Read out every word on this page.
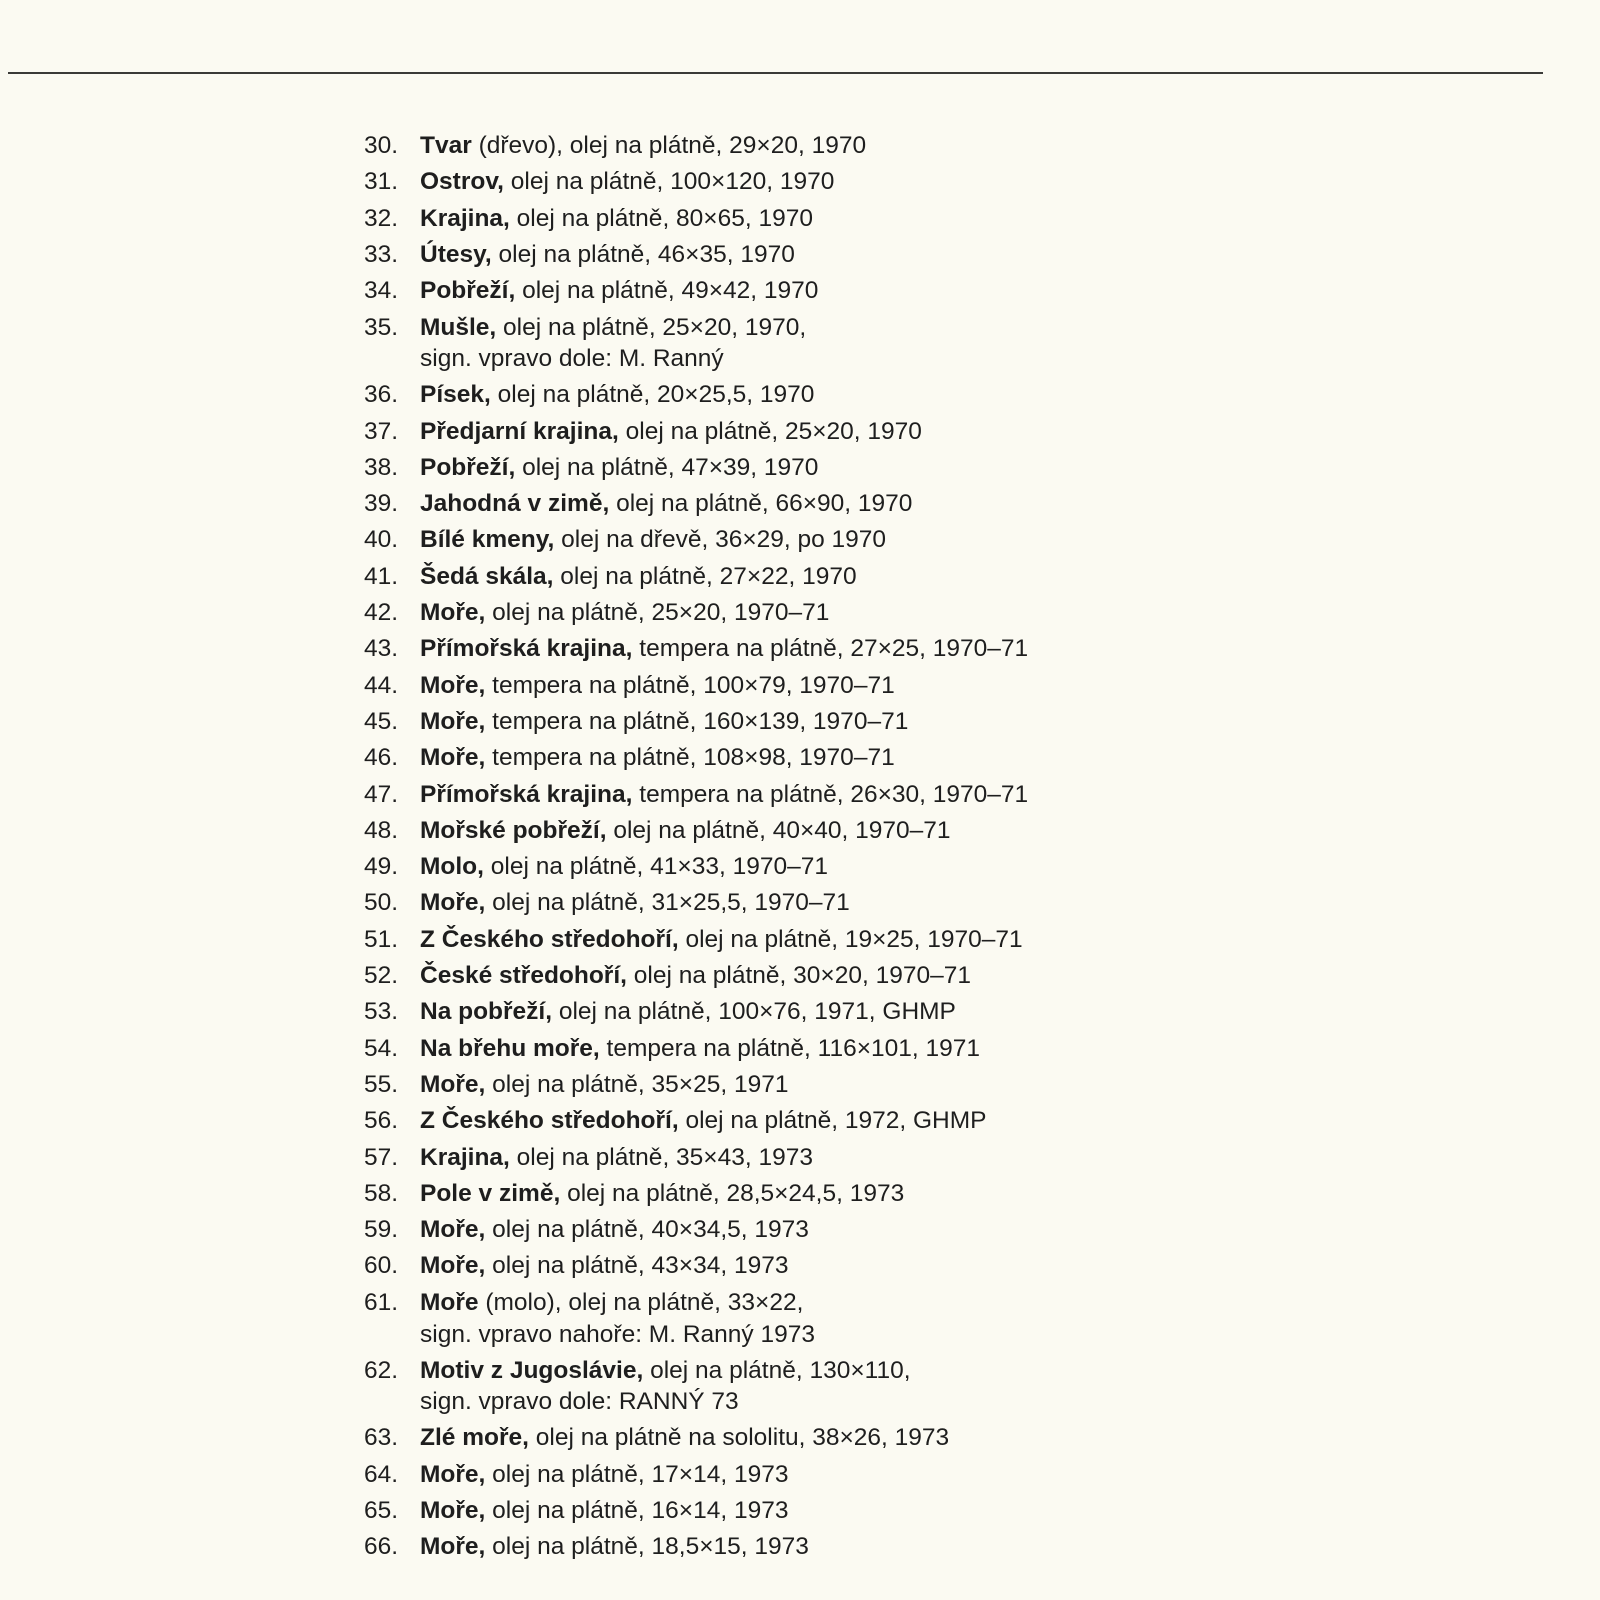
30. Tvar (dřevo), olej na plátně, 29×20, 1970
31. Ostrov, olej na plátně, 100×120, 1970
32. Krajina, olej na plátně, 80×65, 1970
33. Útesy, olej na plátně, 46×35, 1970
34. Pobřeží, olej na plátně, 49×42, 1970
35. Mušle, olej na plátně, 25×20, 1970,
sign. vpravo dole: M. Ranný
36. Písek, olej na plátně, 20×25,5, 1970
37. Předjarní krajina, olej na plátně, 25×20, 1970
38. Pobřeží, olej na plátně, 47×39, 1970
39. Jahodná v zimě, olej na plátně, 66×90, 1970
40. Bílé kmeny, olej na dřevě, 36×29, po 1970
41. Šedá skála, olej na plátně, 27×22, 1970
42. Moře, olej na plátně, 25×20, 1970–71
43. Přímořská krajina, tempera na plátně, 27×25, 1970–71
44. Moře, tempera na plátně, 100×79, 1970–71
45. Moře, tempera na plátně, 160×139, 1970–71
46. Moře, tempera na plátně, 108×98, 1970–71
47. Přímořská krajina, tempera na plátně, 26×30, 1970–71
48. Mořské pobřeží, olej na plátně, 40×40, 1970–71
49. Molo, olej na plátně, 41×33, 1970–71
50. Moře, olej na plátně, 31×25,5, 1970–71
51. Z Českého středohoří, olej na plátně, 19×25, 1970–71
52. České středohoří, olej na plátně, 30×20, 1970–71
53. Na pobřeží, olej na plátně, 100×76, 1971, GHMP
54. Na břehu moře, tempera na plátně, 116×101, 1971
55. Moře, olej na plátně, 35×25, 1971
56. Z Českého středohoří, olej na plátně, 1972, GHMP
57. Krajina, olej na plátně, 35×43, 1973
58. Pole v zimě, olej na plátně, 28,5×24,5, 1973
59. Moře, olej na plátně, 40×34,5, 1973
60. Moře, olej na plátně, 43×34, 1973
61. Moře (molo), olej na plátně, 33×22,
sign. vpravo nahoře: M. Ranný 1973
62. Motiv z Jugoslávie, olej na plátně, 130×110,
sign. vpravo dole: RANNÝ 73
63. Zlé moře, olej na plátně na sololitu, 38×26, 1973
64. Moře, olej na plátně, 17×14, 1973
65. Moře, olej na plátně, 16×14, 1973
66. Moře, olej na plátně, 18,5×15, 1973
